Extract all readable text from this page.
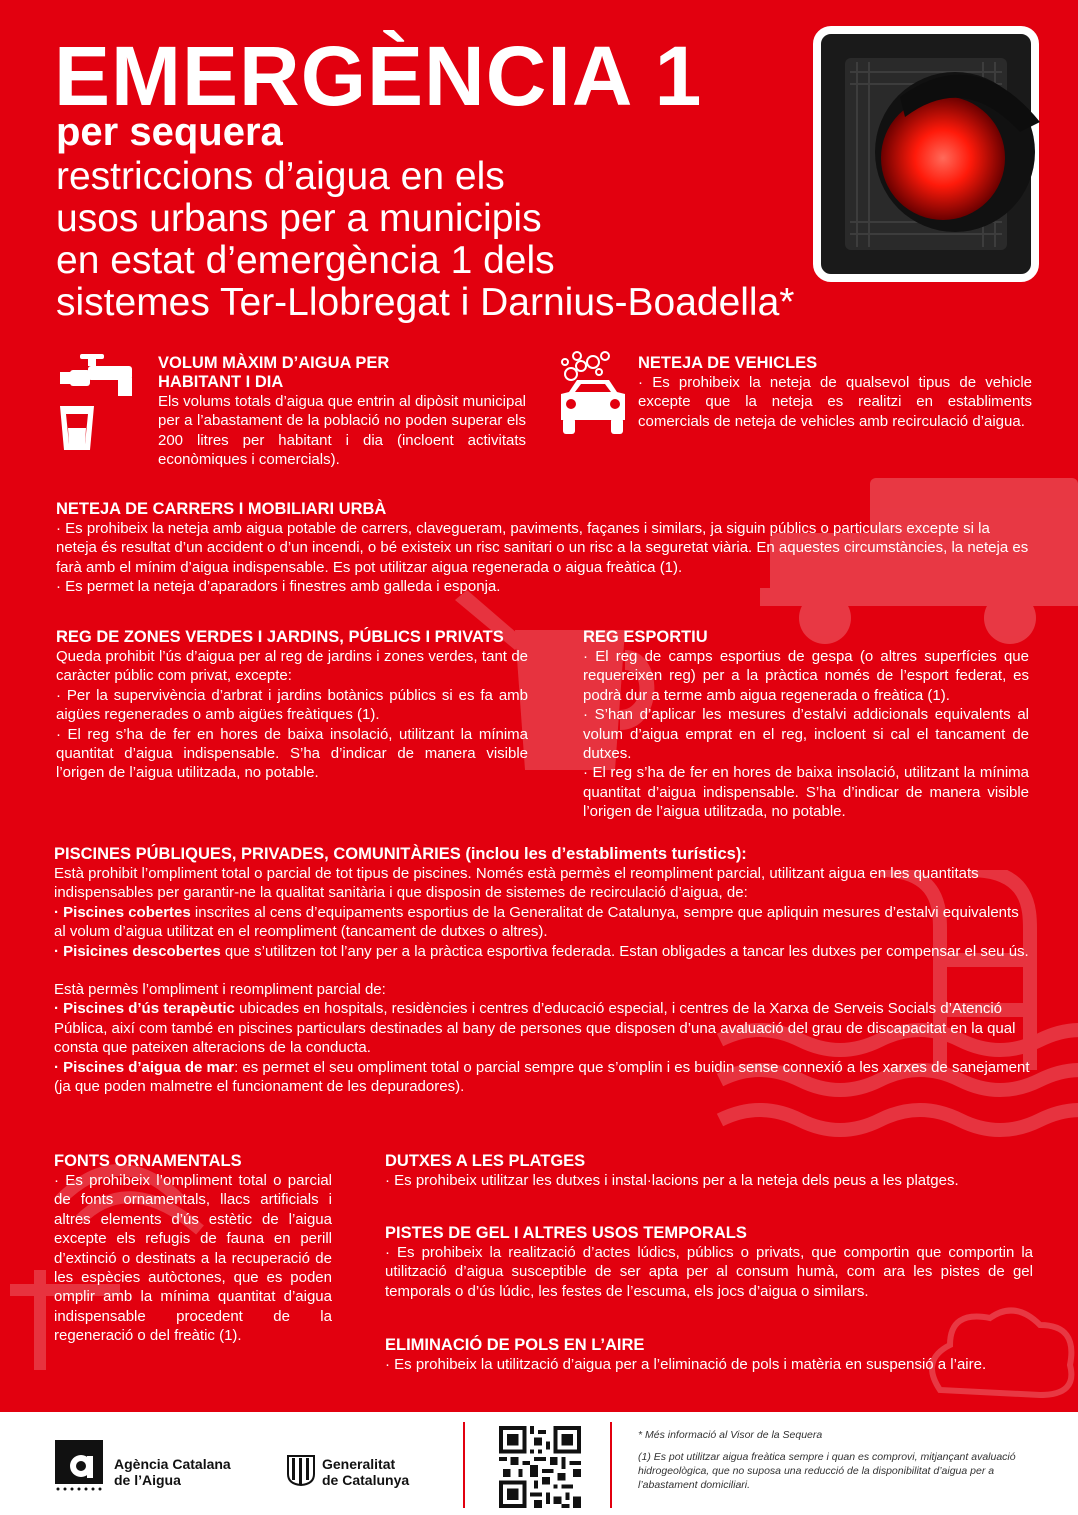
EMERGÈNCIA 1
per sequera
restriccions d’aigua en els
usos urbans per a municipis
en estat d’emergència 1 dels
sistemes Ter-Llobregat i Darnius-Boadella*
VOLUM MÀXIM D’AIGUA PER
HABITANT I DIA

Els volums totals d’aigua que entrin al dipòsit municipal per a l’abastament de la població no poden superar els 200 litres per habitant i dia (incloent activitats econòmiques i comercials).

NETEJA DE VEHICLES

· Es prohibeix la neteja de qualsevol tipus de vehicle excepte que la neteja es realitzi en establiments comercials de neteja de vehicles amb recirculació d’aigua.

NETEJA DE CARRERS I MOBILIARI URBÀ

· Es prohibeix la neteja amb aigua potable de carrers, clavegueram, paviments, façanes i similars, ja siguin públics o particulars excepte si la neteja és resultat d’un accident o d’un incendi, o bé existeix un risc sanitari o un risc a la seguretat viària. En aquestes circumstàncies, la neteja es farà amb el mínim d’aigua indispensable. Es pot utilitzar aigua regenerada o aigua freàtica (1).

· Es permet la neteja d’aparadors i finestres amb galleda i esponja.

REG DE ZONES VERDES I JARDINS, PÚBLICS I PRIVATS

Queda prohibit l’ús d’aigua per al reg de jardins i zones verdes, tant de caràcter públic com privat, excepte:

· Per la supervivència d’arbrat i jardins botànics públics si es fa amb aigües regenerades o amb aigües freàtiques (1).

· El reg s’ha de fer en hores de baixa insolació, utilitzant la mínima quantitat d’aigua indispensable. S’ha d’indicar de manera visible l’origen de l’aigua utilitzada, no potable.

REG ESPORTIU

· El reg de camps esportius de gespa (o altres superfícies que requereixen reg) per a la pràctica només de l’esport federat, es podrà dur a terme amb aigua regenerada o freàtica (1).

· S’han d’aplicar les mesures d’estalvi addicionals equivalents al volum d’aigua emprat en el reg, incloent si cal el tancament de dutxes.

· El reg s’ha de fer en hores de baixa insolació, utilitzant la mínima quantitat d’aigua indispensable. S’ha d’indicar de manera visible l’origen de l’aigua utilitzada, no potable.

PISCINES PÚBLIQUES, PRIVADES, COMUNITÀRIES (inclou les d’establiments turístics):

Està prohibit l’ompliment total o parcial de tot tipus de piscines. Només està permès el reompliment parcial, utilitzant aigua en les quantitats indispensables per garantir-ne la qualitat sanitària i que disposin de sistemes de recirculació d’aigua, de:

· Piscines cobertes inscrites al cens d’equipaments esportius de la Generalitat de Catalunya, sempre que apliquin mesures d’estalvi equivalents al volum d’aigua utilitzat en el reompliment (tancament de dutxes o altres).

· Pisicines descobertes que s’utilitzen tot l’any per a la pràctica esportiva federada. Estan obligades a tancar les dutxes per compensar el seu ús.

Està permès l’ompliment i reompliment parcial de:

· Piscines d’ús terapèutic ubicades en hospitals, residències i centres d’educació especial, i centres de la Xarxa de Serveis Socials d’Atenció Pública, així com també en piscines particulars destinades al bany de persones que disposen d’una avaluació del grau de discapacitat en la qual consta que pateixen alteracions de la conducta.

· Piscines d’aigua de mar: es permet el seu ompliment total o parcial sempre que s’omplin i es buidin sense connexió a les xarxes de sanejament (ja que poden malmetre el funcionament de les depuradores).

FONTS ORNAMENTALS

· Es prohibeix l’ompliment total o parcial de fonts ornamentals, llacs artificials i altres elements d’ús estètic de l’aigua excepte els refugis de fauna en perill d’extinció o destinats a la recuperació de les espècies autòctones, que es poden omplir amb la mínima quantitat d’aigua indispensable procedent de la regeneració o del freàtic (1).

DUTXES A LES PLATGES

· Es prohibeix utilitzar les dutxes i instal·lacions per a la neteja dels peus a les platges.

PISTES DE GEL I ALTRES USOS TEMPORALS

· Es prohibeix la realització d’actes lúdics, públics o privats, que comportin que comportin la utilització d’aigua susceptible de ser apta per al consum humà, com ara les pistes de gel temporals o d’ús lúdic, les festes de l’escuma, els jocs d’aigua o similars.

ELIMINACIÓ DE POLS EN L’AIRE

· Es prohibeix la utilització d’aigua per a l’eliminació de pols i matèria en suspensió a l’aire.

Agència Catalana
de l’Aigua
Generalitat
de Catalunya
* Més informació al Visor de la Sequera
(1) Es pot utilitzar aigua freàtica sempre i quan es comprovi, mitjançant avaluació hidrogeològica, que no suposa una reducció de la disponibilitat d’aigua per a l’abastament domiciliari.
